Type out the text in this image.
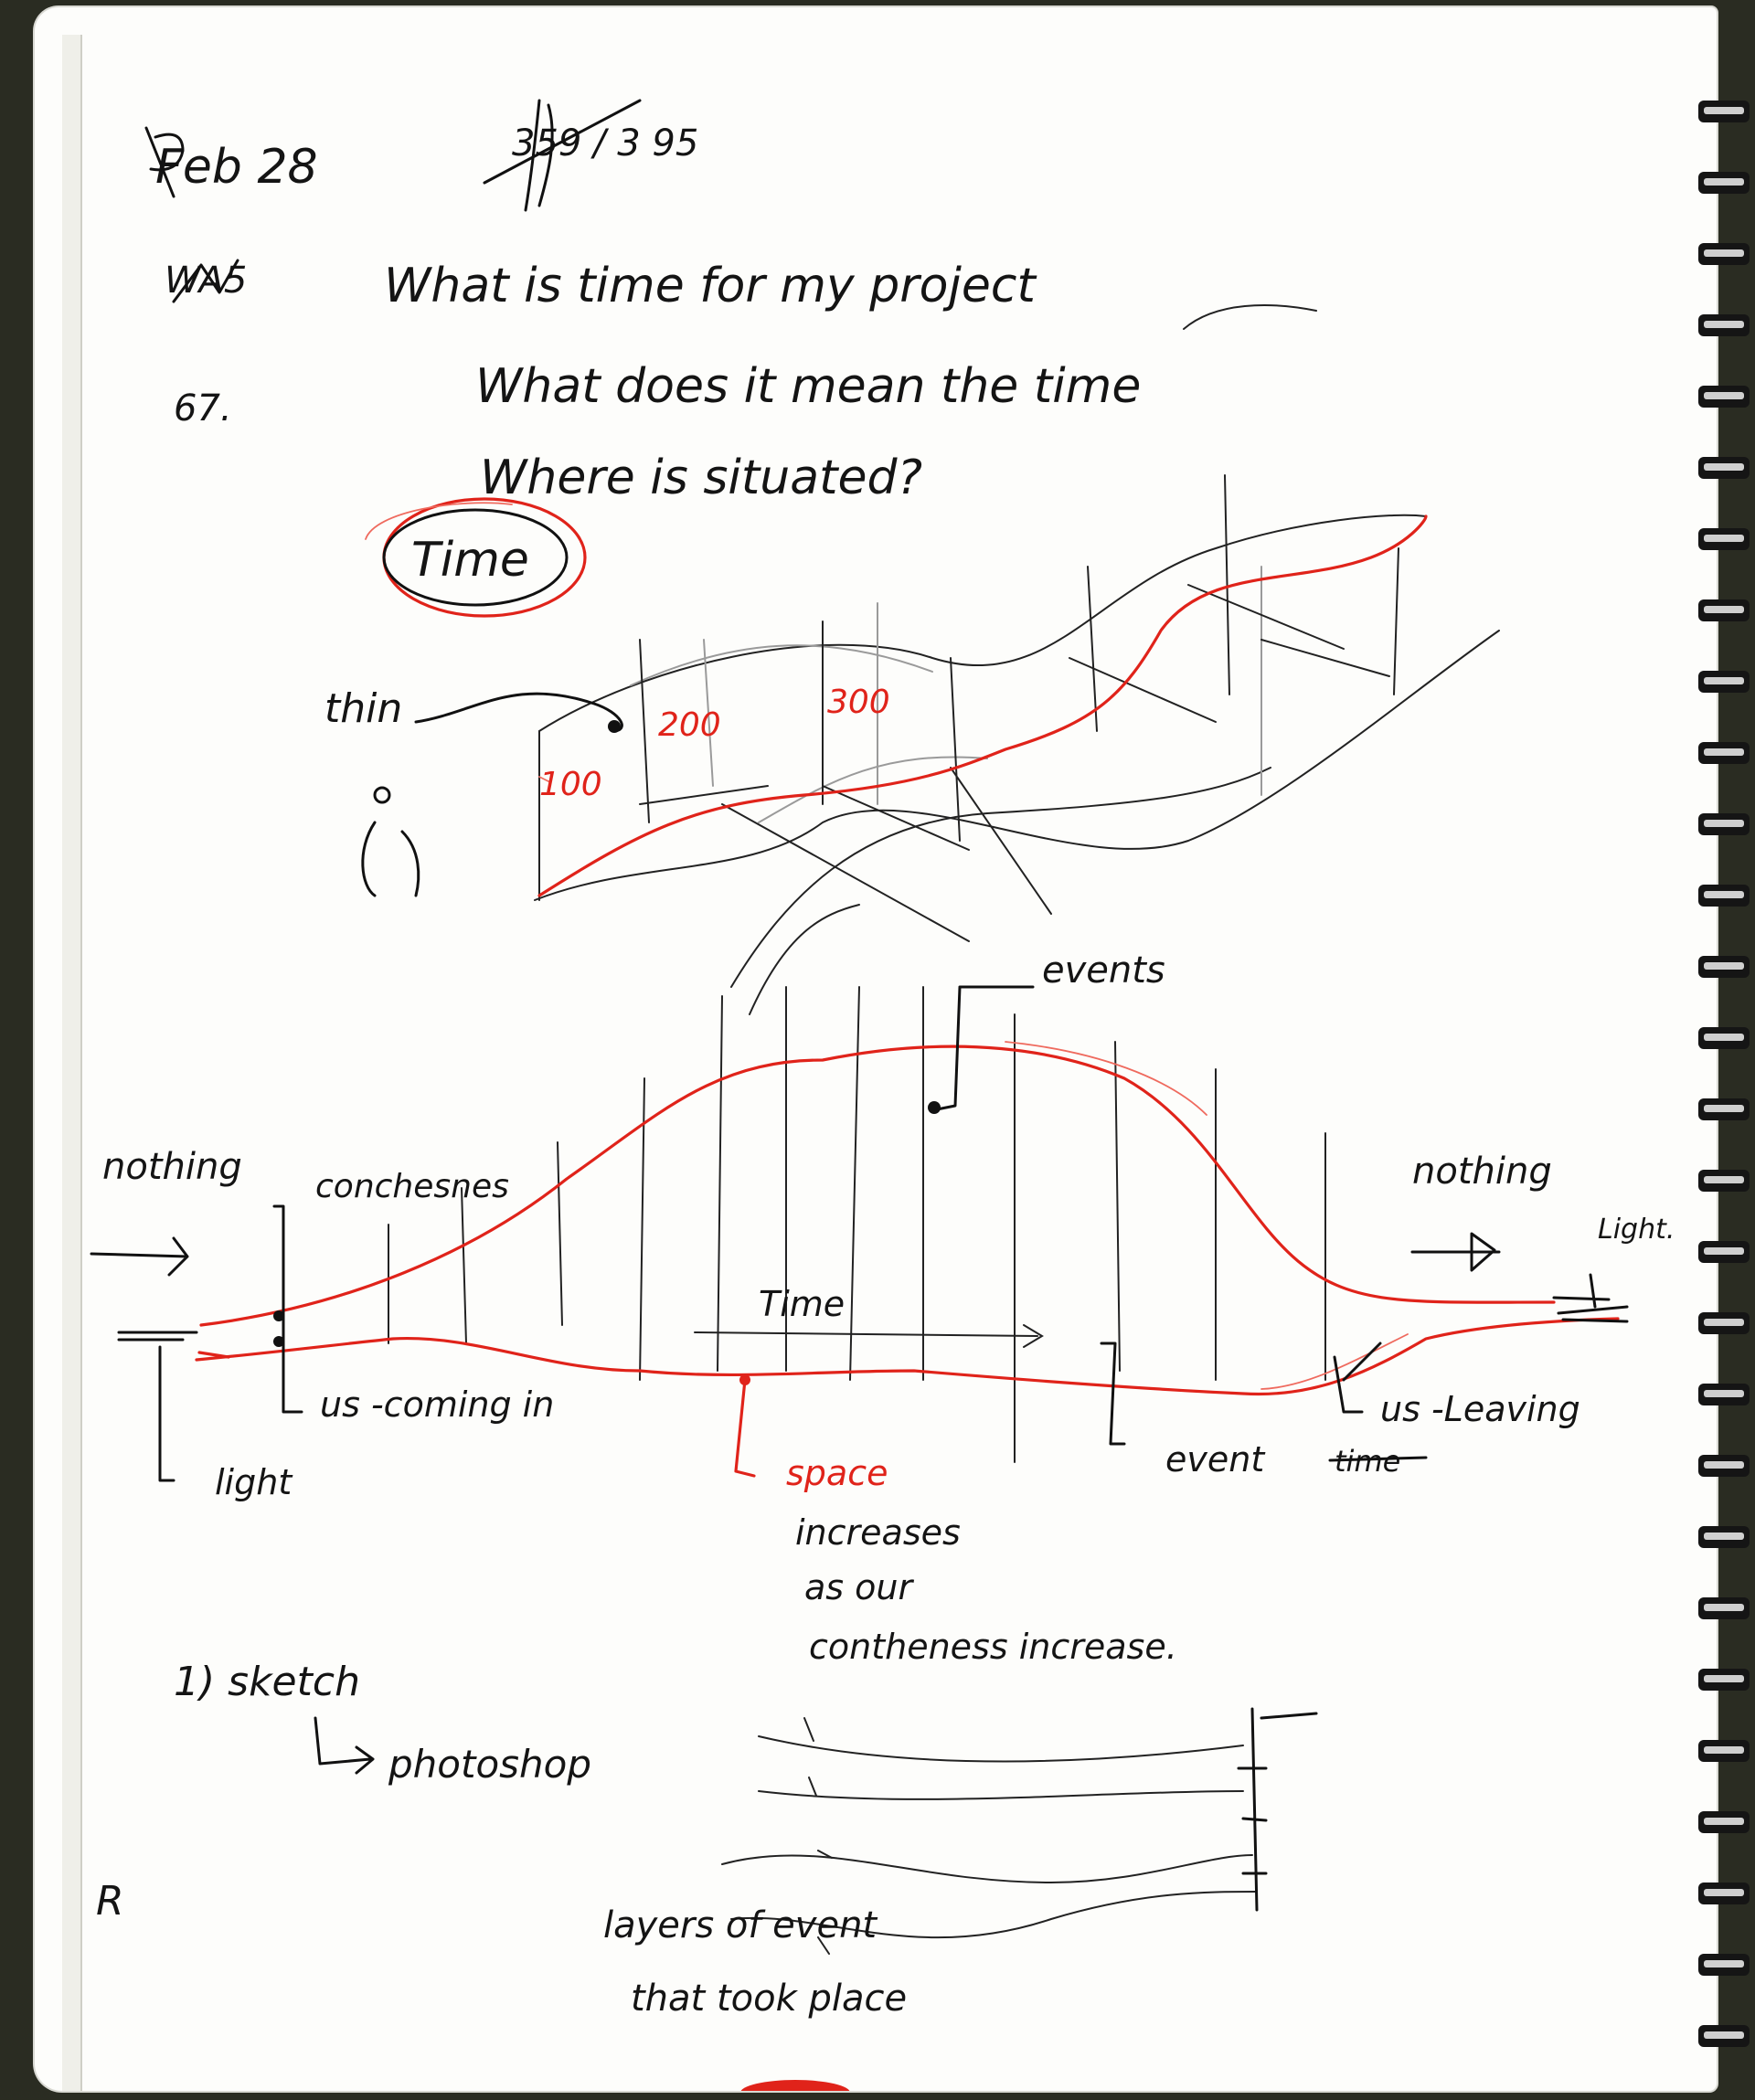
Feb 28	359 / 3 95
WA5
67.
What is time for my project
What does it mean the time
Where is situated?
Time
100
200
300
thin
nothing conchesnes	nothing
Light.
events
Time
us -coming in
light
event
us -Leaving
time
space
increases
as our
contheness increase.
1) sketch
photoshop
R
layers of event
that took place
